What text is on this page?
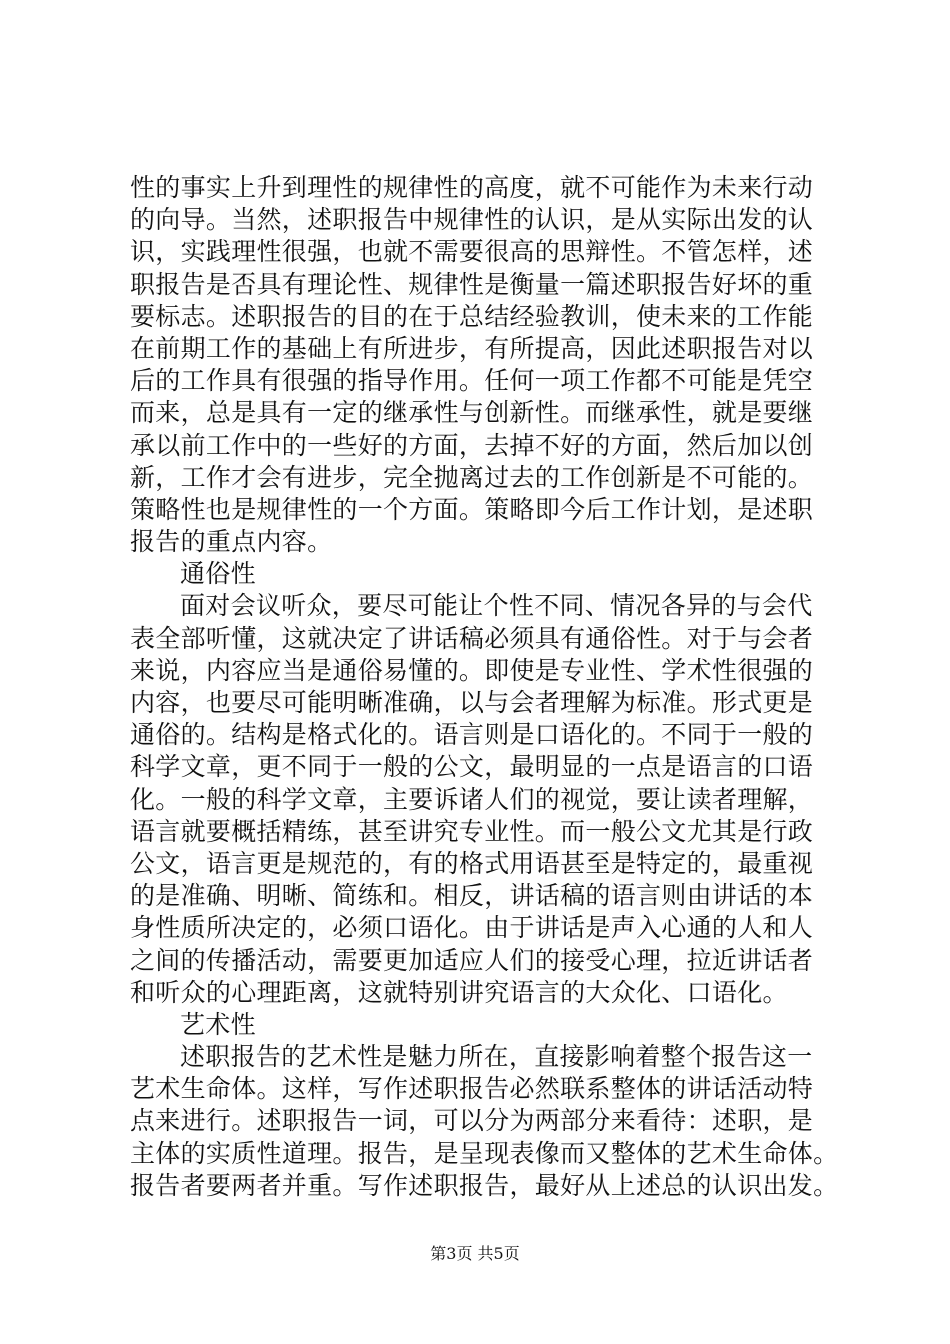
性的事实上升到理性的规律性的高度，就不可能作为未来行动
的向导。当然，述职报告中规律性的认识，是从实际出发的认
识，实践理性很强，也就不需要很高的思辩性。不管怎样，述
职报告是否具有理论性、规律性是衡量一篇述职报告好坏的重
要标志。述职报告的目的在于总结经验教训，使未来的工作能
在前期工作的基础上有所进步，有所提高，因此述职报告对以
后的工作具有很强的指导作用。任何一项工作都不可能是凭空
而来，总是具有一定的继承性与创新性。而继承性，就是要继
承以前工作中的一些好的方面，去掉不好的方面，然后加以创
新，工作才会有进步，完全抛离过去的工作创新是不可能的。
策略性也是规律性的一个方面。策略即今后工作计划，是述职
报告的重点内容。
通俗性
面对会议听众，要尽可能让个性不同、情况各异的与会代
表全部听懂，这就决定了讲话稿必须具有通俗性。对于与会者
来说，内容应当是通俗易懂的。即使是专业性、学术性很强的
内容，也要尽可能明晰准确，以与会者理解为标准。形式更是
通俗的。结构是格式化的。语言则是口语化的。不同于一般的
科学文章，更不同于一般的公文，最明显的一点是语言的口语
化。一般的科学文章，主要诉诸人们的视觉，要让读者理解，
语言就要概括精练，甚至讲究专业性。而一般公文尤其是行政
公文，语言更是规范的，有的格式用语甚至是特定的，最重视
的是准确、明晰、简练和。相反，讲话稿的语言则由讲话的本
身性质所决定的，必须口语化。由于讲话是声入心通的人和人
之间的传播活动，需要更加适应人们的接受心理，拉近讲话者
和听众的心理距离，这就特别讲究语言的大众化、口语化。
艺术性
述职报告的艺术性是魅力所在，直接影响着整个报告这一
艺术生命体。这样，写作述职报告必然联系整体的讲话活动特
点来进行。述职报告一词，可以分为两部分来看待：述职，是
主体的实质性道理。报告，是呈现表像而又整体的艺术生命体。
报告者要两者并重。写作述职报告，最好从上述总的认识出发。
第3页 共5页
